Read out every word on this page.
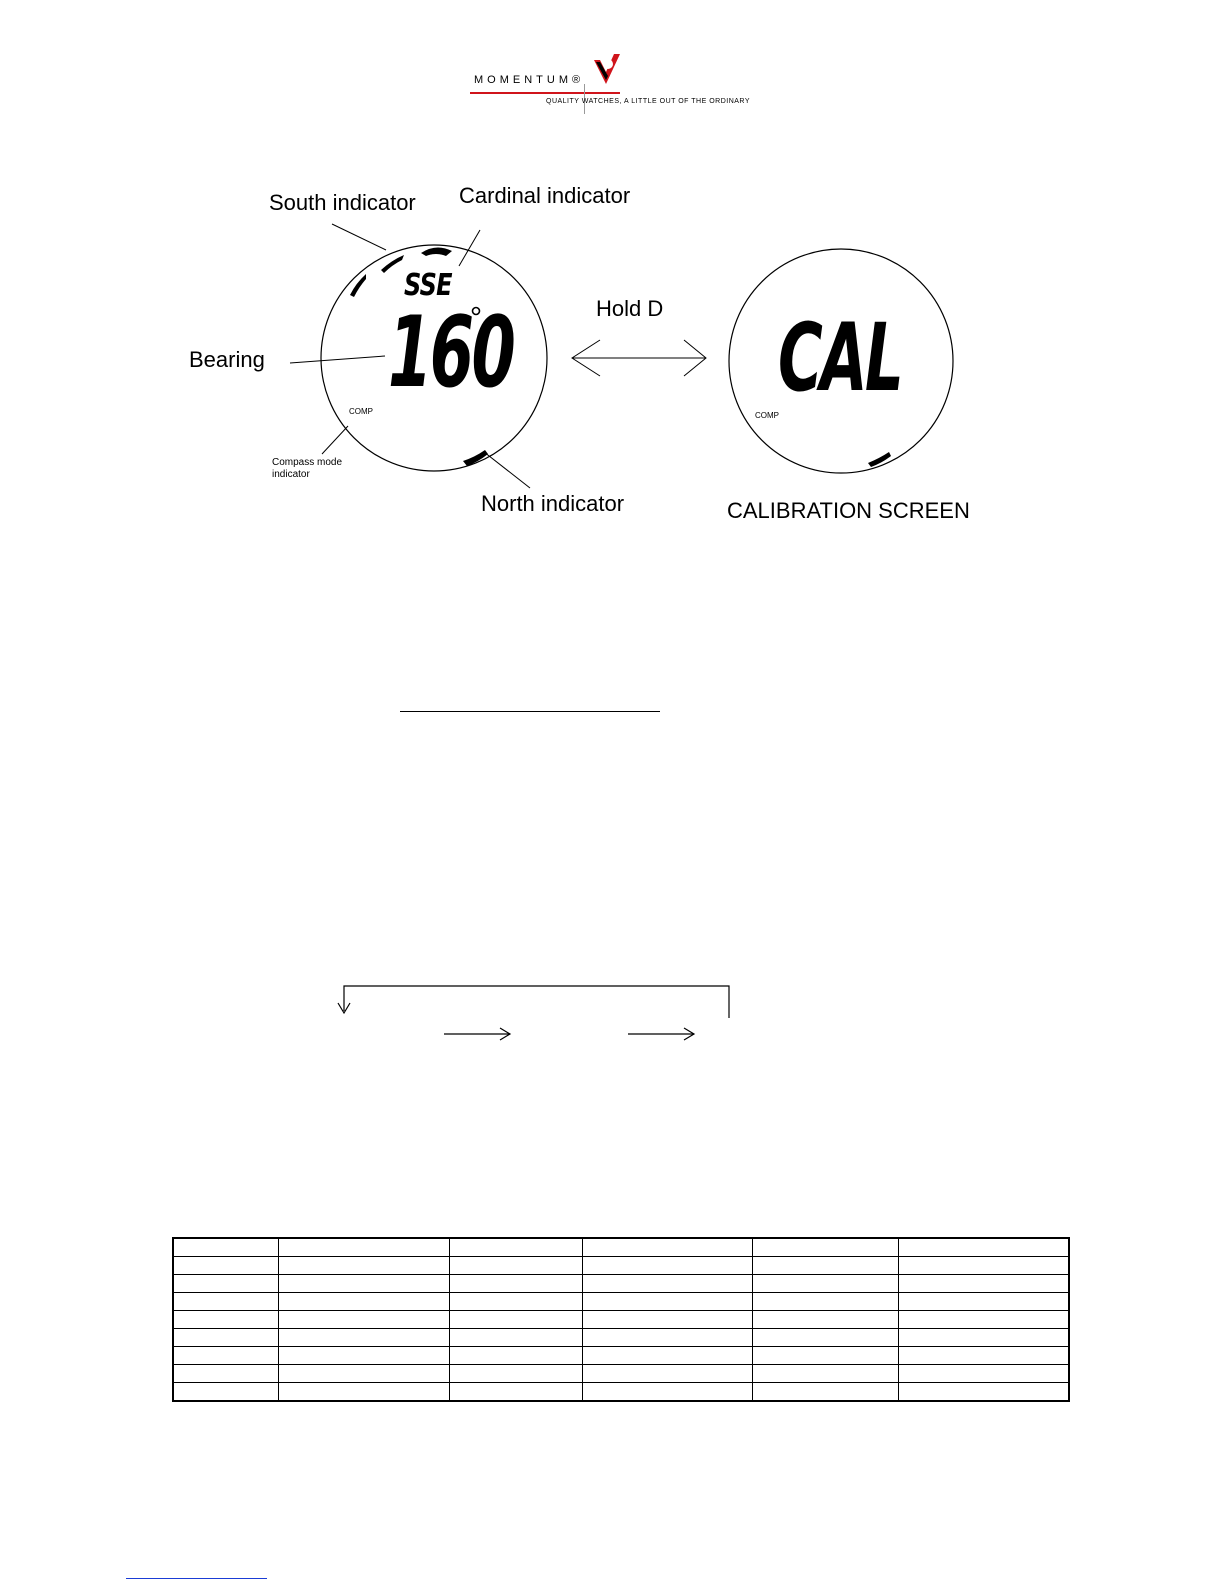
MOMENTUM®
QUALITY WATCHES, A LITTLE OUT OF THE ORDINARY
South indicator Cardinal indicator
Bearing
Compass mode
indicator
North indicator
Hold D
CALIBRATION SCREEN
SSE
160
COMP	CAL
COMP
